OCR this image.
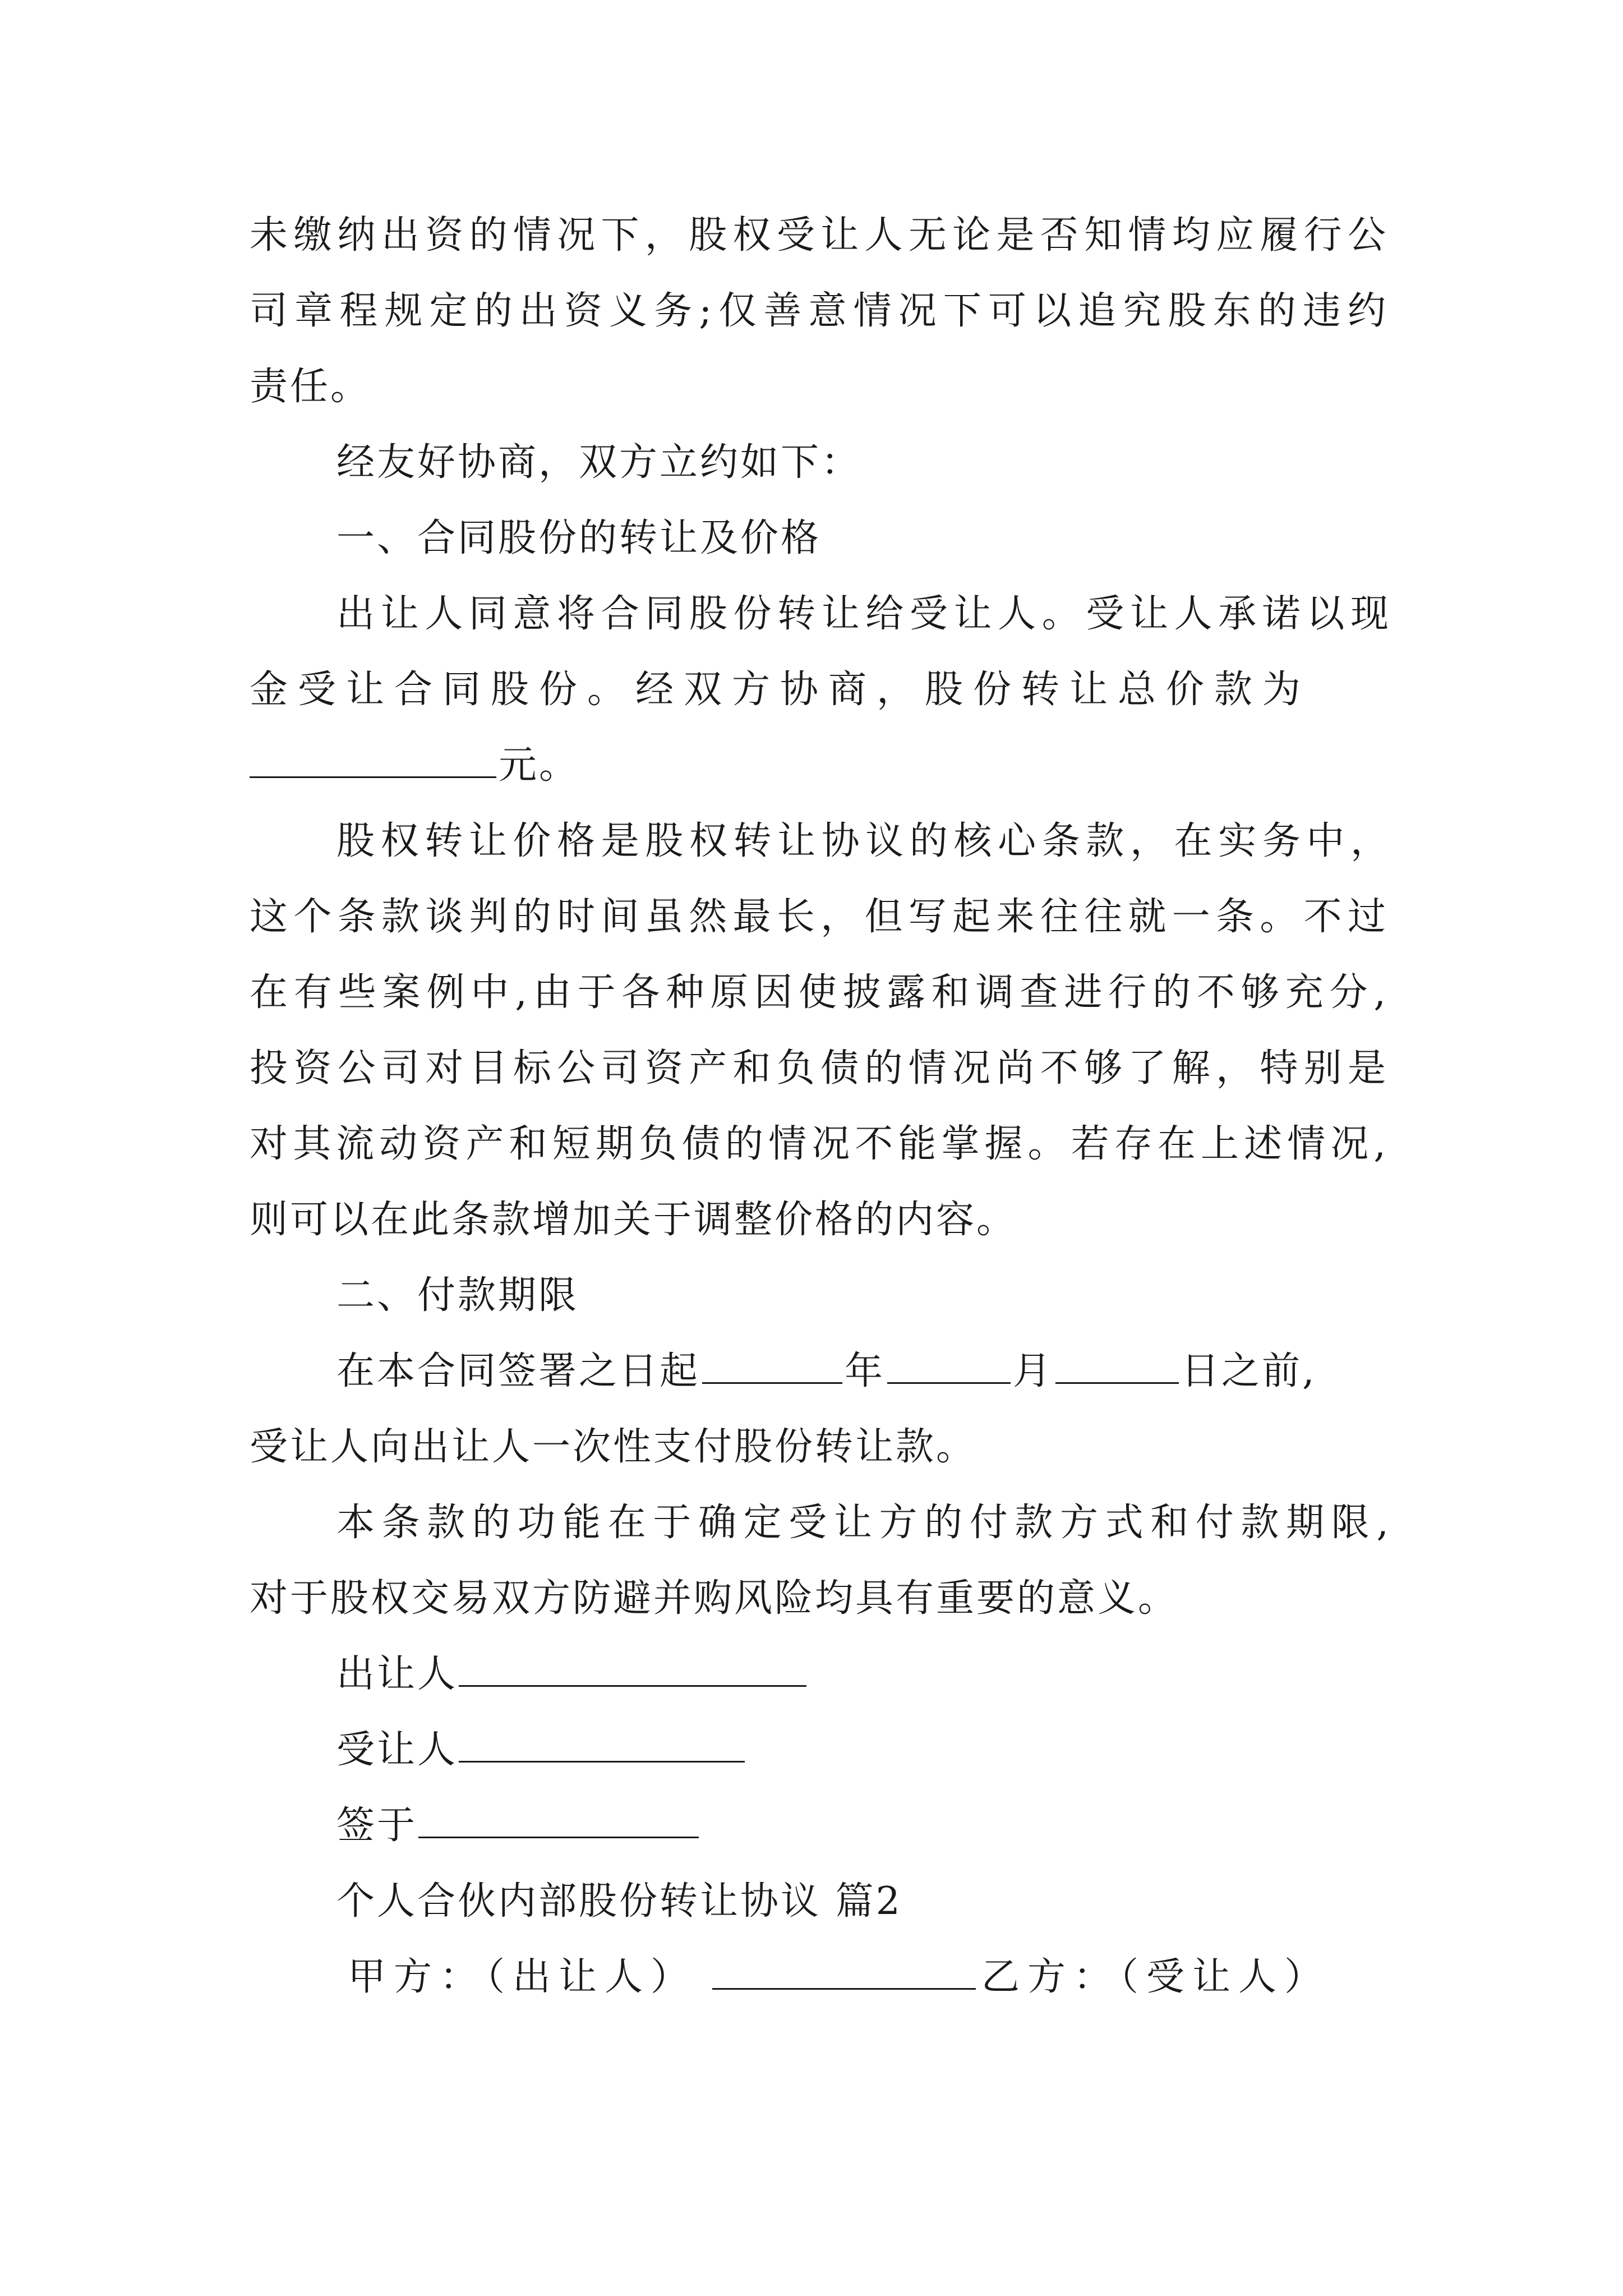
未缴纳出资的情况下，股权受让人无论是否知情均应履行公
司章程规定的出资义务;仅善意情况下可以追究股东的违约
责任。
经友好协商，双方立约如下：
一、合同股份的转让及价格
出让人同意将合同股份转让给受让人。受让人承诺以现
金受让合同股份。经双方协商，股份转让总价款为
元。
股权转让价格是股权转让协议的核心条款，在实务中，
这个条款谈判的时间虽然最长，但写起来往往就一条。不过
在有些案例中,由于各种原因使披露和调查进行的不够充分,
投资公司对目标公司资产和负债的情况尚不够了解，特别是
对其流动资产和短期负债的情况不能掌握。若存在上述情况,
则可以在此条款增加关于调整价格的内容。
二、付款期限
在本合同签署之日起	年	月	日之前,
受让人向出让人一次性支付股份转让款。
本条款的功能在于确定受让方的付款方式和付款期限,
对于股权交易双方防避并购风险均具有重要的意义。
出让人
受让人
签于
个人合伙内部股份转让协议 篇2
甲方：（出让人）	乙方：（受让人）
